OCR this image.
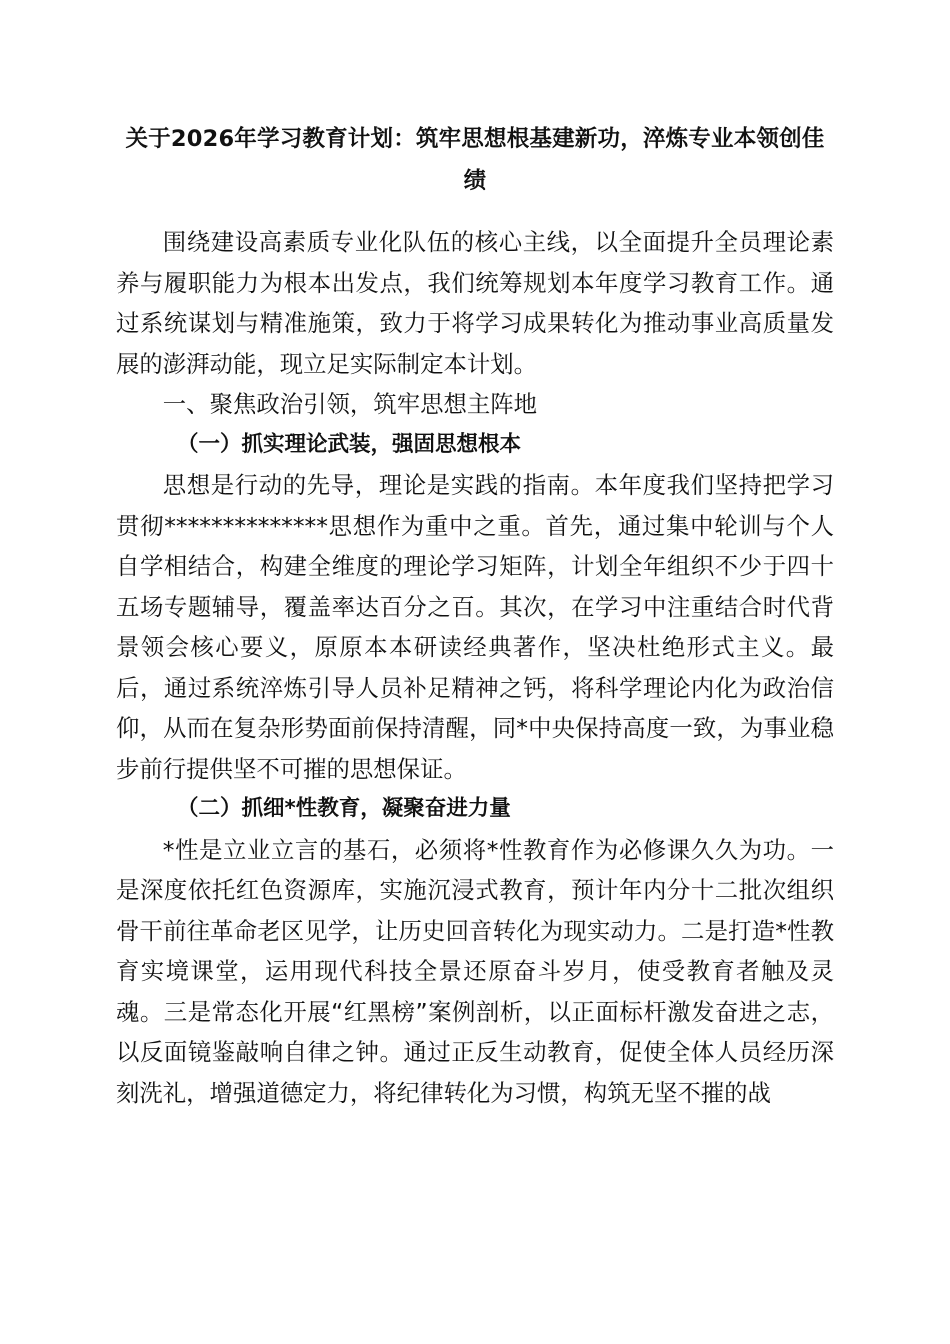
关于2026年学习教育计划：筑牢思想根基建新功，淬炼专业本领创佳绩

围绕建设高素质专业化队伍的核心主线，以全面提升全员理论素养与履职能力为根本出发点，我们统筹规划本年度学习教育工作。通过系统谋划与精准施策，致力于将学习成果转化为推动事业高质量发展的澎湃动能，现立足实际制定本计划。

一、聚焦政治引领，筑牢思想主阵地

（一）抓实理论武装，强固思想根本

思想是行动的先导，理论是实践的指南。本年度我们坚持把学习贯彻**************思想作为重中之重。首先，通过集中轮训与个人自学相结合，构建全维度的理论学习矩阵，计划全年组织不少于四十五场专题辅导，覆盖率达百分之百。其次，在学习中注重结合时代背景领会核心要义，原原本本研读经典著作，坚决杜绝形式主义。最后，通过系统淬炼引导人员补足精神之钙，将科学理论内化为政治信仰，从而在复杂形势面前保持清醒，同*中央保持高度一致，为事业稳步前行提供坚不可摧的思想保证。

（二）抓细*性教育，凝聚奋进力量

*性是立业立言的基石，必须将*性教育作为必修课久久为功。一是深度依托红色资源库，实施沉浸式教育，预计年内分十二批次组织骨干前往革命老区见学，让历史回音转化为现实动力。二是打造*性教育实境课堂，运用现代科技全景还原奋斗岁月，使受教育者触及灵魂。三是常态化开展“红黑榜”案例剖析，以正面标杆激发奋进之志，以反面镜鉴敲响自律之钟。通过正反生动教育，促使全体人员经历深刻洗礼，增强道德定力，将纪律转化为习惯，构筑无坚不摧的战
